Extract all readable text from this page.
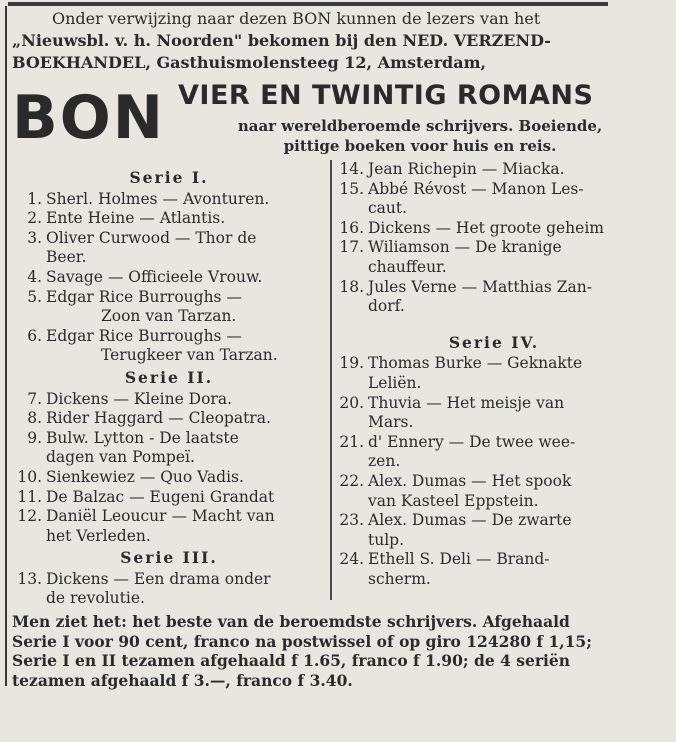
Onder verwijzing naar dezen BON kunnen de lezers van het
„Nieuwsbl. v. h. Noorden" bekomen bij den NED. VERZEND-
BOEKHANDEL, Gasthuismolensteeg 12, Amsterdam,
BON VIER EN TWINTIG ROMANS
naar wereldberoemde schrijvers. Boeiende,
pittige boeken voor huis en reis.
Serie I.
1. Sherl. Holmes — Avonturen.
2. Ente Heine — Atlantis.
3. Oliver Curwood — Thor de
Beer.
4. Savage — Officieele Vrouw.
5. Edgar Rice Burroughs —
Zoon van Tarzan.
6. Edgar Rice Burroughs —
Terugkeer van Tarzan.
Serie II.
7. Dickens — Kleine Dora.
8. Rider Haggard — Cleopatra.
9. Bulw. Lytton - De laatste
dagen van Pompeï.
10. Sienkewiez — Quo Vadis.
11. De Balzac — Eugeni Grandat
12. Daniël Leoucur — Macht van
het Verleden.
Serie III.
13. Dickens — Een drama onder
de revolutie.
14. Jean Richepin — Miacka.
15. Abbé Révost — Manon Les-
caut.
16. Dickens — Het groote geheim
17. Wiliamson — De kranige
chauffeur.
18. Jules Verne — Matthias Zan-
dorf.
Serie IV.
19. Thomas Burke — Geknakte
Leliën.
20. Thuvia — Het meisje van
Mars.
21. d' Ennery — De twee wee-
zen.
22. Alex. Dumas — Het spook
van Kasteel Eppstein.
23. Alex. Dumas — De zwarte
tulp.
24. Ethell S. Deli — Brand-
scherm.
Men ziet het: het beste van de beroemdste schrijvers. Afgehaald
Serie I voor 90 cent, franco na postwissel of op giro 124280 f 1,15;
Serie I en II tezamen afgehaald f 1.65, franco f 1.90; de 4 seriën
tezamen afgehaald f 3.—, franco f 3.40.
